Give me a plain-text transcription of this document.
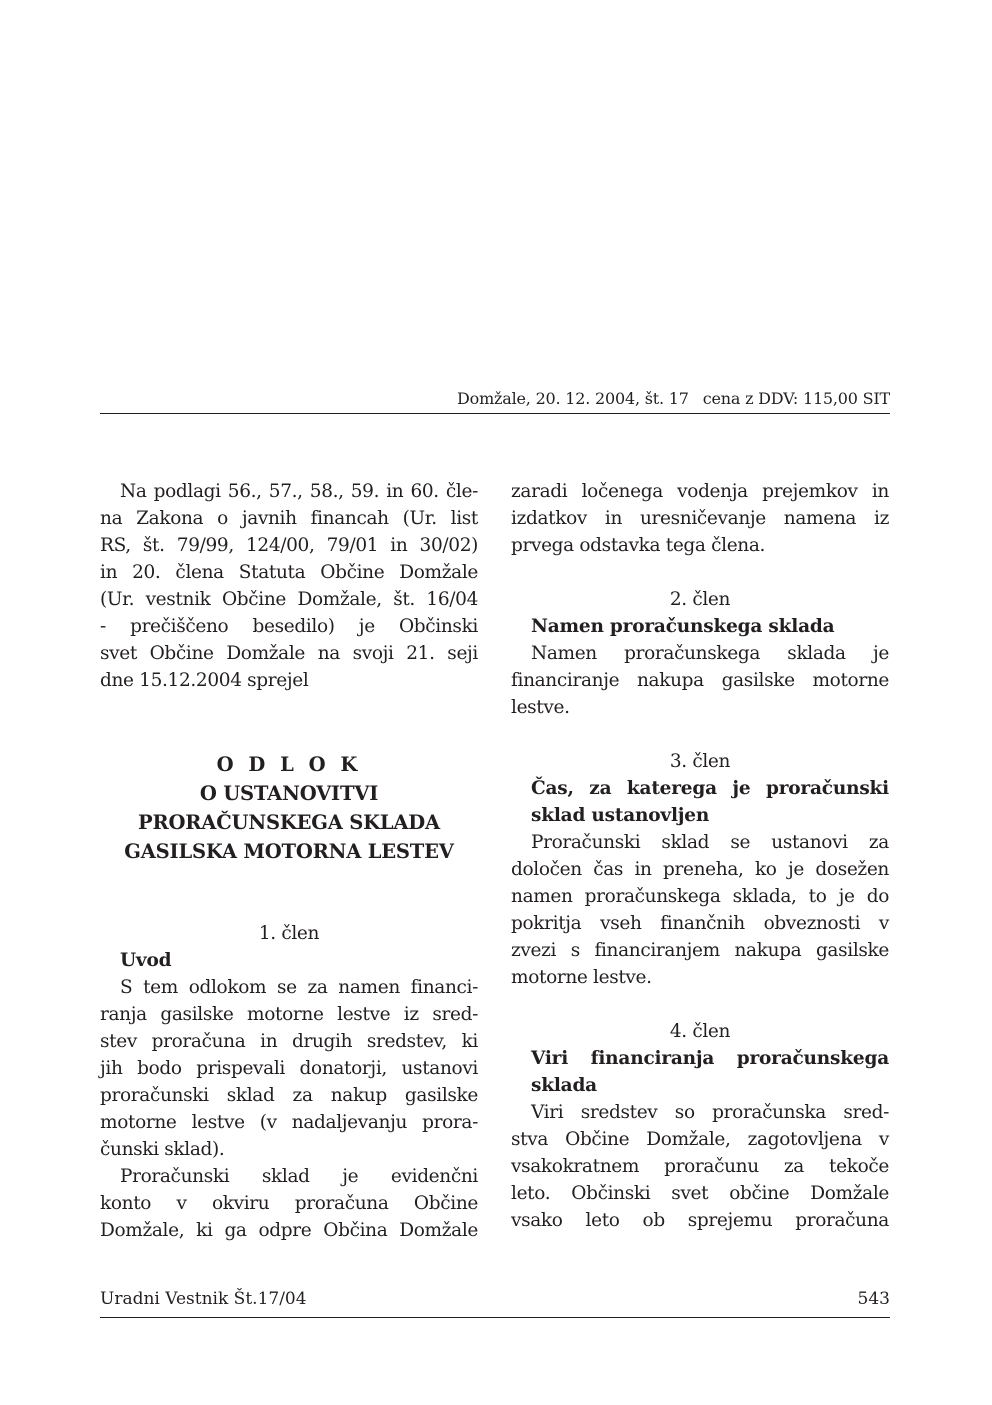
Domžale, 20. 12. 2004, št. 17 cena z DDV: 115,00 SIT
Na podlagi 56., 57., 58., 59. in 60. čle-
na Zakona o javnih financah (Ur. list
RS, št. 79/99, 124/00, 79/01 in 30/02)
in 20. člena Statuta Občine Domžale
(Ur. vestnik Občine Domžale, št. 16/04
- prečiščeno besedilo) je Občinski
svet Občine Domžale na svoji 21. seji
dne 15.12.2004 sprejel

O D L O K

O USTANOVITVI

PRORAČUNSKEGA SKLADA

GASILSKA MOTORNA LESTEV

1. člen

Uvod

S tem odlokom se za namen financi-
ranja gasilske motorne lestve iz sred-
stev proračuna in drugih sredstev, ki
jih bodo prispevali donatorji, ustanovi
proračunski sklad za nakup gasilske
motorne lestve (v nadaljevanju prora-
čunski sklad).
Proračunski sklad je evidenčni
konto v okviru proračuna Občine
Domžale, ki ga odpre Občina Domžale
zaradi ločenega vodenja prejemkov in
izdatkov in uresničevanje namena iz
prvega odstavka tega člena.

2. člen

Namen proračunskega sklada

Namen proračunskega sklada je
financiranje nakupa gasilske motorne
lestve.

3. člen

Čas, za katerega je proračunski
sklad ustanovljen
Proračunski sklad se ustanovi za
določen čas in preneha, ko je dosežen
namen proračunskega sklada, to je do
pokritja vseh finančnih obveznosti v
zvezi s financiranjem nakupa gasilske
motorne lestve.

4. člen

Viri financiranja proračunskega
sklada
Viri sredstev so proračunska sred-
stva Občine Domžale, zagotovljena v
vsakokratnem proračunu za tekoče
leto. Občinski svet občine Domžale
vsako leto ob sprejemu proračuna
Uradni Vestnik Št.17/04	543
